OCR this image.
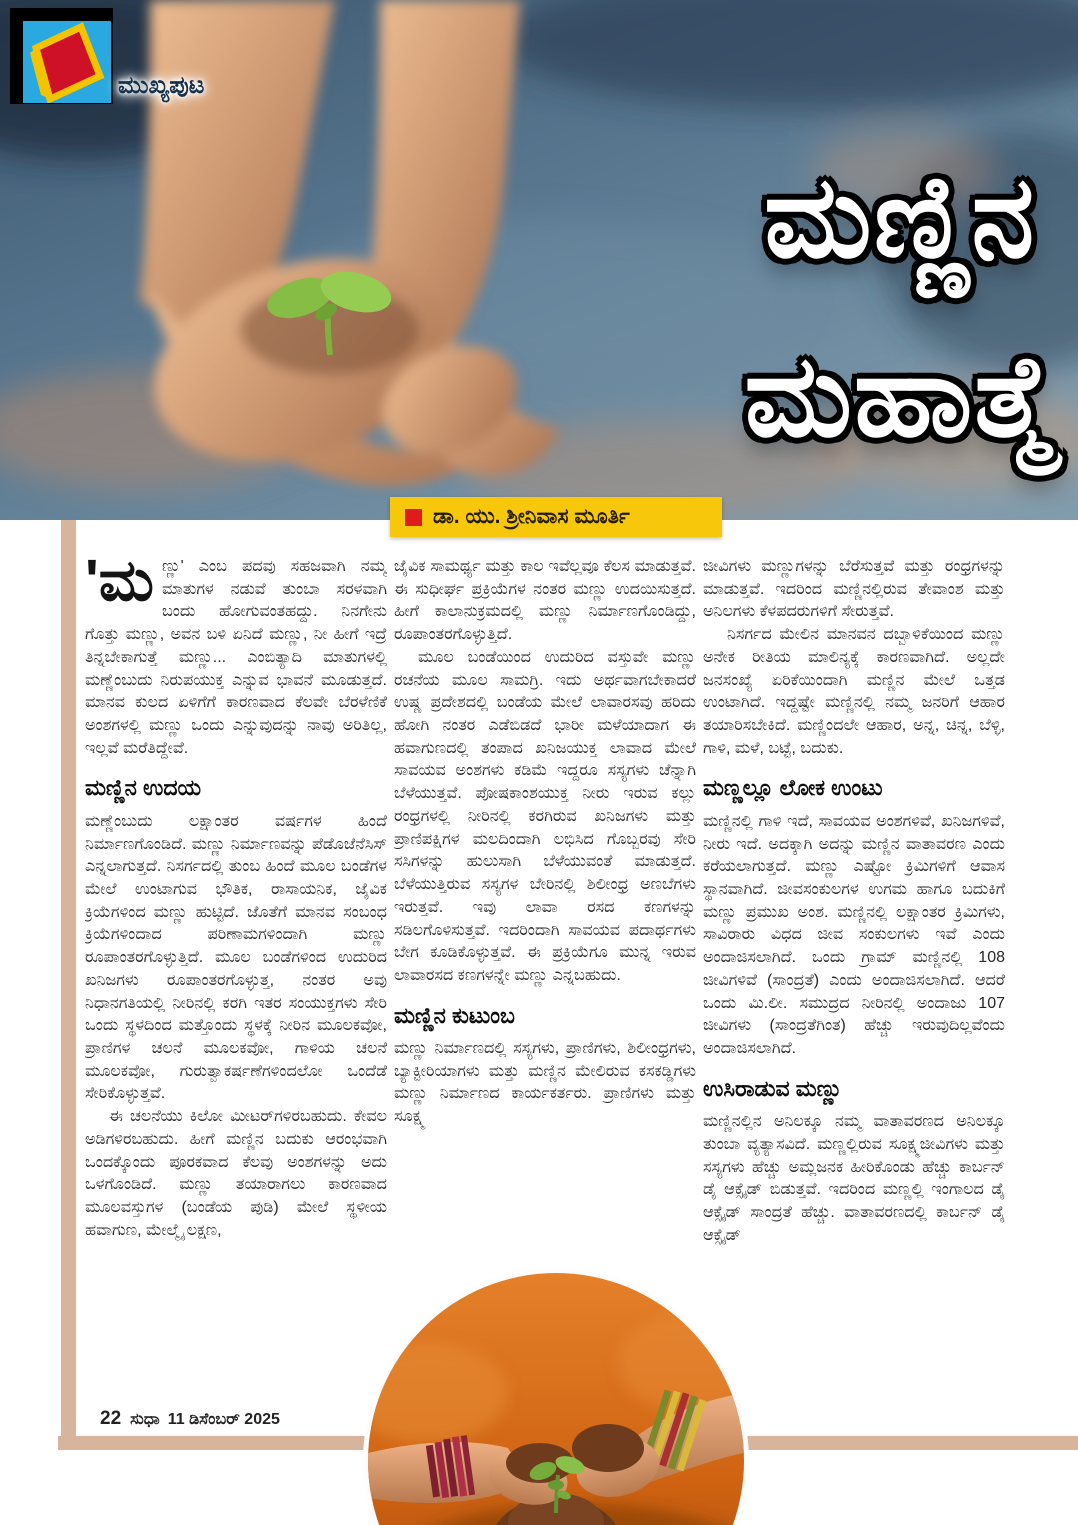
ಮುಖ್ಯಪುಟ
ಮಣ್ಣಿನ
ಮಹಾತ್ಮೆ
ಡಾ. ಯು. ಶ್ರೀನಿವಾಸ ಮೂರ್ತಿ

'ಮಣ್ಣು' ಎಂಬ ಪದವು ಸಹಜವಾಗಿ ನಮ್ಮ ಮಾತುಗಳ ನಡುವೆ ತುಂಬಾ ಸರಳವಾಗಿ ಬಂದು ಹೋಗುವಂತಹದ್ದು. ನಿನಗೇನು ಗೊತ್ತು ಮಣ್ಣು, ಅವನ ಬಳಿ ಏನಿದೆ ಮಣ್ಣು, ನೀ ಹೀಗೆ ಇದ್ರೆ ತಿನ್ನಬೇಕಾಗುತ್ತೆ ಮಣ್ಣು... ಎಂಬಿತ್ಯಾದಿ ಮಾತುಗಳಲ್ಲಿ ಮಣ್ಣೆಂಬುದು ನಿರುಪಯುಕ್ತ ಎನ್ನುವ ಭಾವನೆ ಮೂಡುತ್ತದೆ. ಮಾನವ ಕುಲದ ಏಳಿಗೆಗೆ ಕಾರಣವಾದ ಕೆಲವೇ ಬೆರಳೆಣಿಕೆ ಅಂಶಗಳಲ್ಲಿ ಮಣ್ಣು ಒಂದು ಎನ್ನುವುದನ್ನು ನಾವು ಅರಿತಿಲ್ಲ, ಇಲ್ಲವೆ ಮರೆತಿದ್ದೇವೆ.

ಮಣ್ಣಿನ ಉದಯ

ಮಣ್ಣೆಂಬುದು ಲಕ್ಷಾಂತರ ವರ್ಷಗಳ ಹಿಂದೆ ನಿರ್ಮಾಣಗೊಂಡಿದೆ. ಮಣ್ಣು ನಿರ್ಮಾಣವನ್ನು ಪೆಡೊಜೆನೆಸಿಸ್ ಎನ್ನಲಾಗುತ್ತದೆ. ನಿಸರ್ಗದಲ್ಲಿ ತುಂಬ ಹಿಂದೆ ಮೂಲ ಬಂಡೆಗಳ ಮೇಲೆ ಉಂಟಾಗುವ ಭೌತಿಕ, ರಾಸಾಯನಿಕ, ಜೈವಿಕ ಕ್ರಿಯೆಗಳಿಂದ ಮಣ್ಣು ಹುಟ್ಟಿದೆ. ಜೊತೆಗೆ ಮಾನವ ಸಂಬಂಧ ಕ್ರಿಯೆಗಳಿಂದಾದ ಪರಿಣಾಮಗಳಿಂದಾಗಿ ಮಣ್ಣು ರೂಪಾಂತರಗೊಳ್ಳುತ್ತಿದೆ. ಮೂಲ ಬಂಡೆಗಳಿಂದ ಉದುರಿದ ಖನಿಜಗಳು ರೂಪಾಂತರಗೊಳ್ಳುತ್ತ, ನಂತರ ಅವು ನಿಧಾನಗತಿಯಲ್ಲಿ ನೀರಿನಲ್ಲಿ ಕರಗಿ ಇತರ ಸಂಯುಕ್ತಗಳು ಸೇರಿ ಒಂದು ಸ್ಥಳದಿಂದ ಮತ್ತೊಂದು ಸ್ಥಳಕ್ಕೆ ನೀರಿನ ಮೂಲಕವೋ, ಪ್ರಾಣಿಗಳ ಚಲನೆ ಮೂಲಕವೋ, ಗಾಳಿಯ ಚಲನೆ ಮೂಲಕವೋ, ಗುರುತ್ವಾಕರ್ಷಣೆಗಳಿಂದಲೋ ಒಂದೆಡೆ ಸೇರಿಕೊಳ್ಳುತ್ತವೆ.

ಈ ಚಲನೆಯು ಕಿಲೋ ಮೀಟರ್‌ಗಳಿರಬಹುದು. ಕೇವಲ ಅಡಿಗಳಿರಬಹುದು. ಹೀಗೆ ಮಣ್ಣಿನ ಬದುಕು ಆರಂಭವಾಗಿ ಒಂದಕ್ಕೊಂದು ಪೂರಕವಾದ ಕೆಲವು ಅಂಶಗಳನ್ನು ಅದು ಒಳಗೊಂಡಿದೆ. ಮಣ್ಣು ತಯಾರಾಗಲು ಕಾರಣವಾದ ಮೂಲವಸ್ತುಗಳ (ಬಂಡೆಯ ಪುಡಿ) ಮೇಲೆ ಸ್ಥಳೀಯ ಹವಾಗುಣ, ಮೇಲ್ಮೈ ಲಕ್ಷಣ,

ಜೈವಿಕ ಸಾಮರ್ಥ್ಯ ಮತ್ತು ಕಾಲ ಇವೆಲ್ಲವೂ ಕೆಲಸ ಮಾಡುತ್ತವೆ. ಈ ಸುಧೀರ್ಘ ಪ್ರಕ್ರಿಯೆಗಳ ನಂತರ ಮಣ್ಣು ಉದಯಿಸುತ್ತದೆ. ಹೀಗೆ ಕಾಲಾನುಕ್ರಮದಲ್ಲಿ ಮಣ್ಣು ನಿರ್ಮಾಣಗೊಂಡಿದ್ದು, ರೂಪಾಂತರಗೊಳ್ಳುತ್ತಿದೆ.

ಮೂಲ ಬಂಡೆಯಿಂದ ಉದುರಿದ ವಸ್ತುವೇ ಮಣ್ಣು ರಚನೆಯ ಮೂಲ ಸಾಮಗ್ರಿ. ಇದು ಅರ್ಥವಾಗಬೇಕಾದರೆ ಉಷ್ಣ ಪ್ರದೇಶದಲ್ಲಿ ಬಂಡೆಯ ಮೇಲೆ ಲಾವಾರಸವು ಹರಿದು ಹೋಗಿ ನಂತರ ಎಡೆಬಿಡದೆ ಭಾರೀ ಮಳೆಯಾದಾಗ ಈ ಹವಾಗುಣದಲ್ಲಿ ತಂಪಾದ ಖನಿಜಯುಕ್ತ ಲಾವಾದ ಮೇಲೆ ಸಾವಯವ ಅಂಶಗಳು ಕಡಿಮೆ ಇದ್ದರೂ ಸಸ್ಯಗಳು ಚೆನ್ನಾಗಿ ಬೆಳೆಯುತ್ತವೆ. ಪೋಷಕಾಂಶಯುಕ್ತ ನೀರು ಇರುವ ಕಲ್ಲು ರಂಧ್ರಗಳಲ್ಲಿ ನೀರಿನಲ್ಲಿ ಕರಗಿರುವ ಖನಿಜಗಳು ಮತ್ತು ಪ್ರಾಣಿಪಕ್ಷಿಗಳ ಮಲದಿಂದಾಗಿ ಲಭಿಸಿದ ಗೊಬ್ಬರವು ಸೇರಿ ಸಸಿಗಳನ್ನು ಹುಲುಸಾಗಿ ಬೆಳೆಯುವಂತೆ ಮಾಡುತ್ತದೆ. ಬೆಳೆಯುತ್ತಿರುವ ಸಸ್ಯಗಳ ಬೇರಿನಲ್ಲಿ ಶಿಲೀಂಧ್ರ ಅಣಬೆಗಳು ಇರುತ್ತವೆ. ಇವು ಲಾವಾ ರಸದ ಕಣಗಳನ್ನು ಸಡಿಲಗೊಳಿಸುತ್ತವೆ. ಇದರಿಂದಾಗಿ ಸಾವಯವ ಪದಾರ್ಥಗಳು ಬೇಗ ಕೂಡಿಕೊಳ್ಳುತ್ತವೆ. ಈ ಪ್ರಕ್ರಿಯೆಗೂ ಮುನ್ನ ಇರುವ ಲಾವಾರಸದ ಕಣಗಳನ್ನೇ ಮಣ್ಣು ಎನ್ನಬಹುದು.

ಮಣ್ಣಿನ ಕುಟುಂಬ

ಮಣ್ಣು ನಿರ್ಮಾಣದಲ್ಲಿ ಸಸ್ಯಗಳು, ಪ್ರಾಣಿಗಳು, ಶಿಲೀಂಧ್ರಗಳು, ಬ್ಯಾಕ್ಟೀರಿಯಾಗಳು ಮತ್ತು ಮಣ್ಣಿನ ಮೇಲಿರುವ ಕಸಕಡ್ಡಿಗಳು ಮಣ್ಣು ನಿರ್ಮಾಣದ ಕಾರ್ಯಕರ್ತರು. ಪ್ರಾಣಿಗಳು ಮತ್ತು ಸೂಕ್ಷ್ಮ

ಜೀವಿಗಳು ಮಣ್ಣುಗಳನ್ನು ಬೆರೆಸುತ್ತವೆ ಮತ್ತು ರಂಧ್ರಗಳನ್ನು ಮಾಡುತ್ತವೆ. ಇದರಿಂದ ಮಣ್ಣಿನಲ್ಲಿರುವ ತೇವಾಂಶ ಮತ್ತು ಅನಿಲಗಳು ಕೆಳಪದರುಗಳಿಗೆ ಸೇರುತ್ತವೆ.

ನಿಸರ್ಗದ ಮೇಲಿನ ಮಾನವನ ದಬ್ಬಾಳಿಕೆಯಿಂದ ಮಣ್ಣು ಅನೇಕ ರೀತಿಯ ಮಾಲಿನ್ಯಕ್ಕೆ ಕಾರಣವಾಗಿದೆ. ಅಲ್ಲದೇ ಜನಸಂಖ್ಯೆ ಏರಿಕೆಯಿಂದಾಗಿ ಮಣ್ಣಿನ ಮೇಲೆ ಒತ್ತಡ ಉಂಟಾಗಿದೆ. ಇದ್ದಷ್ಟೇ ಮಣ್ಣಿನಲ್ಲಿ ನಮ್ಮ ಜನರಿಗೆ ಆಹಾರ ತಯಾರಿಸಬೇಕಿದೆ. ಮಣ್ಣಿಂದಲೇ ಆಹಾರ, ಅನ್ನ, ಚಿನ್ನ, ಬೆಳ್ಳಿ, ಗಾಳಿ, ಮಳೆ, ಬಟ್ಟೆ, ಬದುಕು.

ಮಣ್ಣಲ್ಲೂ ಲೋಕ ಉಂಟು

ಮಣ್ಣಿನಲ್ಲಿ ಗಾಳಿ ಇದೆ, ಸಾವಯವ ಅಂಶಗಳಿವೆ, ಖನಿಜಗಳಿವೆ, ನೀರು ಇದೆ. ಅದಕ್ಕಾಗಿ ಅದನ್ನು ಮಣ್ಣಿನ ವಾತಾವರಣ ಎಂದು ಕರೆಯಲಾಗುತ್ತದೆ. ಮಣ್ಣು ಎಷ್ಟೋ ಕ್ರಿಮಿಗಳಿಗೆ ಆವಾಸ ಸ್ಥಾನವಾಗಿದೆ. ಜೀವಸಂಕುಲಗಳ ಉಗಮ ಹಾಗೂ ಬದುಕಿಗೆ ಮಣ್ಣು ಪ್ರಮುಖ ಅಂಶ. ಮಣ್ಣಿನಲ್ಲಿ ಲಕ್ಷಾಂತರ ಕ್ರಿಮಿಗಳು, ಸಾವಿರಾರು ವಿಧದ ಜೀವ ಸಂಕುಲಗಳು ಇವೆ ಎಂದು ಅಂದಾಜಿಸಲಾಗಿದೆ. ಒಂದು ಗ್ರಾಮ್ ಮಣ್ಣಿನಲ್ಲಿ 108 ಜೀವಿಗಳಿವೆ (ಸಾಂದ್ರತೆ) ಎಂದು ಅಂದಾಜಿಸಲಾಗಿದೆ. ಆದರೆ ಒಂದು ಮಿ.ಲೀ. ಸಮುದ್ರದ ನೀರಿನಲ್ಲಿ ಅಂದಾಜು 107 ಜೀವಿಗಳು (ಸಾಂದ್ರತೆಗಿಂತ) ಹೆಚ್ಚು ಇರುವುದಿಲ್ಲವೆಂದು ಅಂದಾಜಿಸಲಾಗಿದೆ.

ಉಸಿರಾಡುವ ಮಣ್ಣು

ಮಣ್ಣಿನಲ್ಲಿನ ಅನಿಲಕ್ಕೂ ನಮ್ಮ ವಾತಾವರಣದ ಅನಿಲಕ್ಕೂ ತುಂಬಾ ವ್ಯತ್ಯಾಸವಿದೆ. ಮಣ್ಣಲ್ಲಿರುವ ಸೂಕ್ಷ್ಮಜೀವಿಗಳು ಮತ್ತು ಸಸ್ಯಗಳು ಹೆಚ್ಚು ಅಮ್ಲಜನಕ ಹೀರಿಕೊಂಡು ಹೆಚ್ಚು ಕಾರ್ಬನ್ ಡೈ ಆಕ್ಸೈಡ್ ಬಿಡುತ್ತವೆ. ಇದರಿಂದ ಮಣ್ಣಲ್ಲಿ ಇಂಗಾಲದ ಡೈ ಆಕ್ಸೈಡ್ ಸಾಂದ್ರತೆ ಹೆಚ್ಚು. ವಾತಾವರಣದಲ್ಲಿ ಕಾರ್ಬನ್ ಡೈ ಆಕ್ಸೈಡ್

22 ಸುಧಾ 11 ಡಿಸೆಂಬರ್ 2025
